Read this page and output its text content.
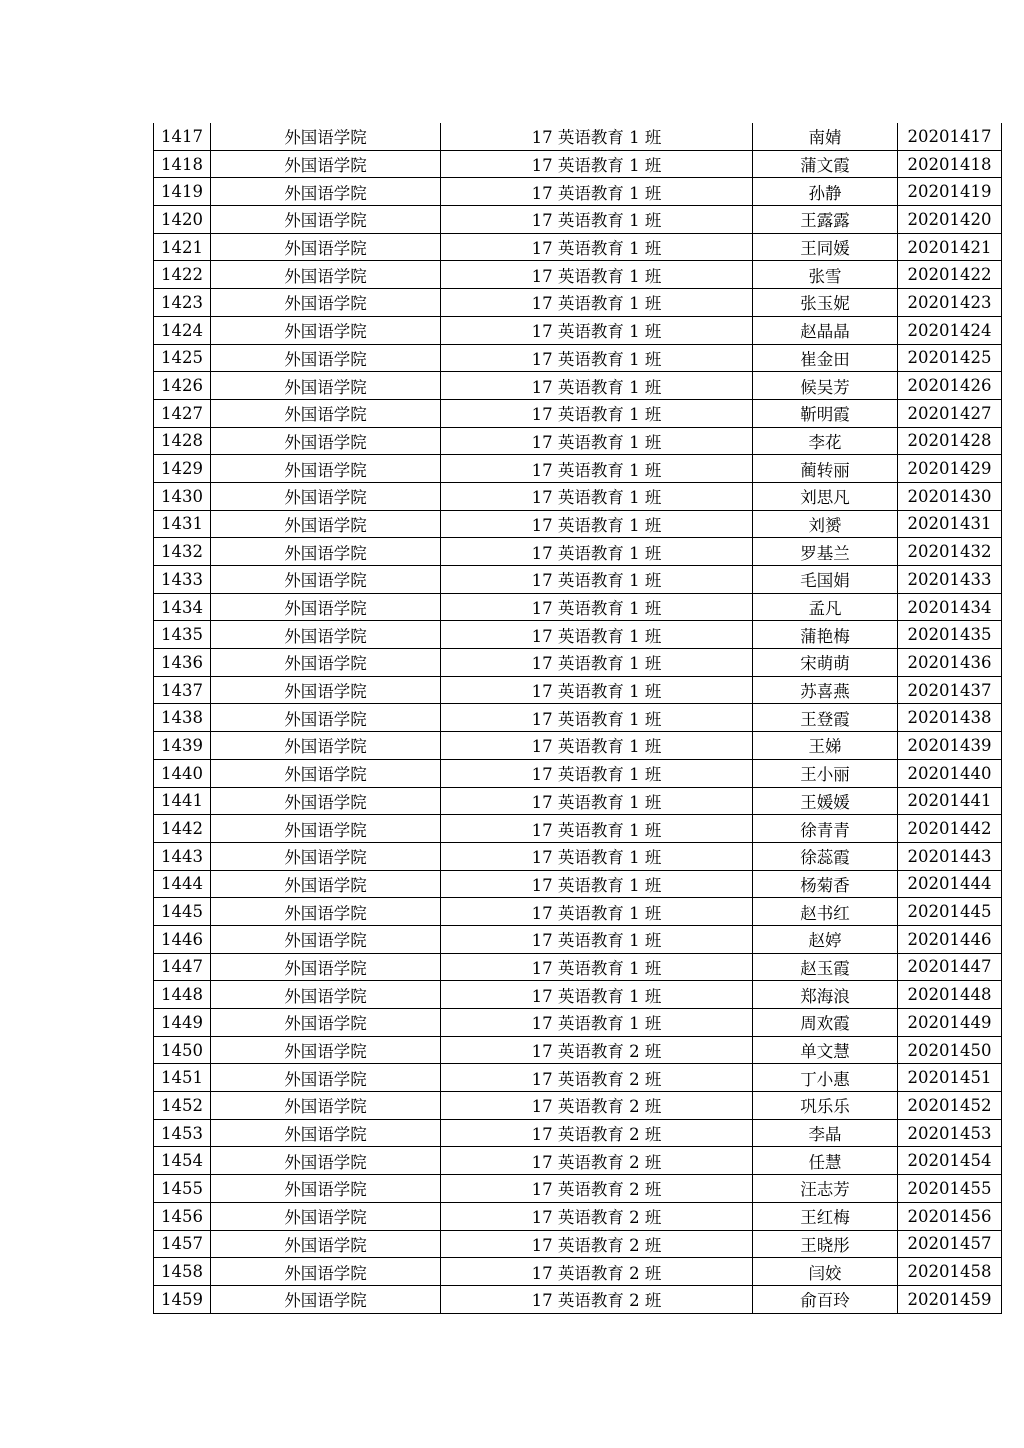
1417	外国语学院	17 英语教育 1 班	南婧	20201417
1418	外国语学院	17 英语教育 1 班	蒲文霞	20201418
1419	外国语学院	17 英语教育 1 班	孙静	20201419
1420	外国语学院	17 英语教育 1 班	王露露	20201420
1421	外国语学院	17 英语教育 1 班	王同媛	20201421
1422	外国语学院	17 英语教育 1 班	张雪	20201422
1423	外国语学院	17 英语教育 1 班	张玉妮	20201423
1424	外国语学院	17 英语教育 1 班	赵晶晶	20201424
1425	外国语学院	17 英语教育 1 班	崔金田	20201425
1426	外国语学院	17 英语教育 1 班	候吴芳	20201426
1427	外国语学院	17 英语教育 1 班	靳明霞	20201427
1428	外国语学院	17 英语教育 1 班	李花	20201428
1429	外国语学院	17 英语教育 1 班	蔺转丽	20201429
1430	外国语学院	17 英语教育 1 班	刘思凡	20201430
1431	外国语学院	17 英语教育 1 班	刘赟	20201431
1432	外国语学院	17 英语教育 1 班	罗基兰	20201432
1433	外国语学院	17 英语教育 1 班	毛国娟	20201433
1434	外国语学院	17 英语教育 1 班	孟凡	20201434
1435	外国语学院	17 英语教育 1 班	蒲艳梅	20201435
1436	外国语学院	17 英语教育 1 班	宋萌萌	20201436
1437	外国语学院	17 英语教育 1 班	苏喜燕	20201437
1438	外国语学院	17 英语教育 1 班	王登霞	20201438
1439	外国语学院	17 英语教育 1 班	王娣	20201439
1440	外国语学院	17 英语教育 1 班	王小丽	20201440
1441	外国语学院	17 英语教育 1 班	王媛媛	20201441
1442	外国语学院	17 英语教育 1 班	徐青青	20201442
1443	外国语学院	17 英语教育 1 班	徐蕊霞	20201443
1444	外国语学院	17 英语教育 1 班	杨菊香	20201444
1445	外国语学院	17 英语教育 1 班	赵书红	20201445
1446	外国语学院	17 英语教育 1 班	赵婷	20201446
1447	外国语学院	17 英语教育 1 班	赵玉霞	20201447
1448	外国语学院	17 英语教育 1 班	郑海浪	20201448
1449	外国语学院	17 英语教育 1 班	周欢霞	20201449
1450	外国语学院	17 英语教育 2 班	单文慧	20201450
1451	外国语学院	17 英语教育 2 班	丁小惠	20201451
1452	外国语学院	17 英语教育 2 班	巩乐乐	20201452
1453	外国语学院	17 英语教育 2 班	李晶	20201453
1454	外国语学院	17 英语教育 2 班	任慧	20201454
1455	外国语学院	17 英语教育 2 班	汪志芳	20201455
1456	外国语学院	17 英语教育 2 班	王红梅	20201456
1457	外国语学院	17 英语教育 2 班	王晓彤	20201457
1458	外国语学院	17 英语教育 2 班	闫姣	20201458
1459	外国语学院	17 英语教育 2 班	俞百玲	20201459
